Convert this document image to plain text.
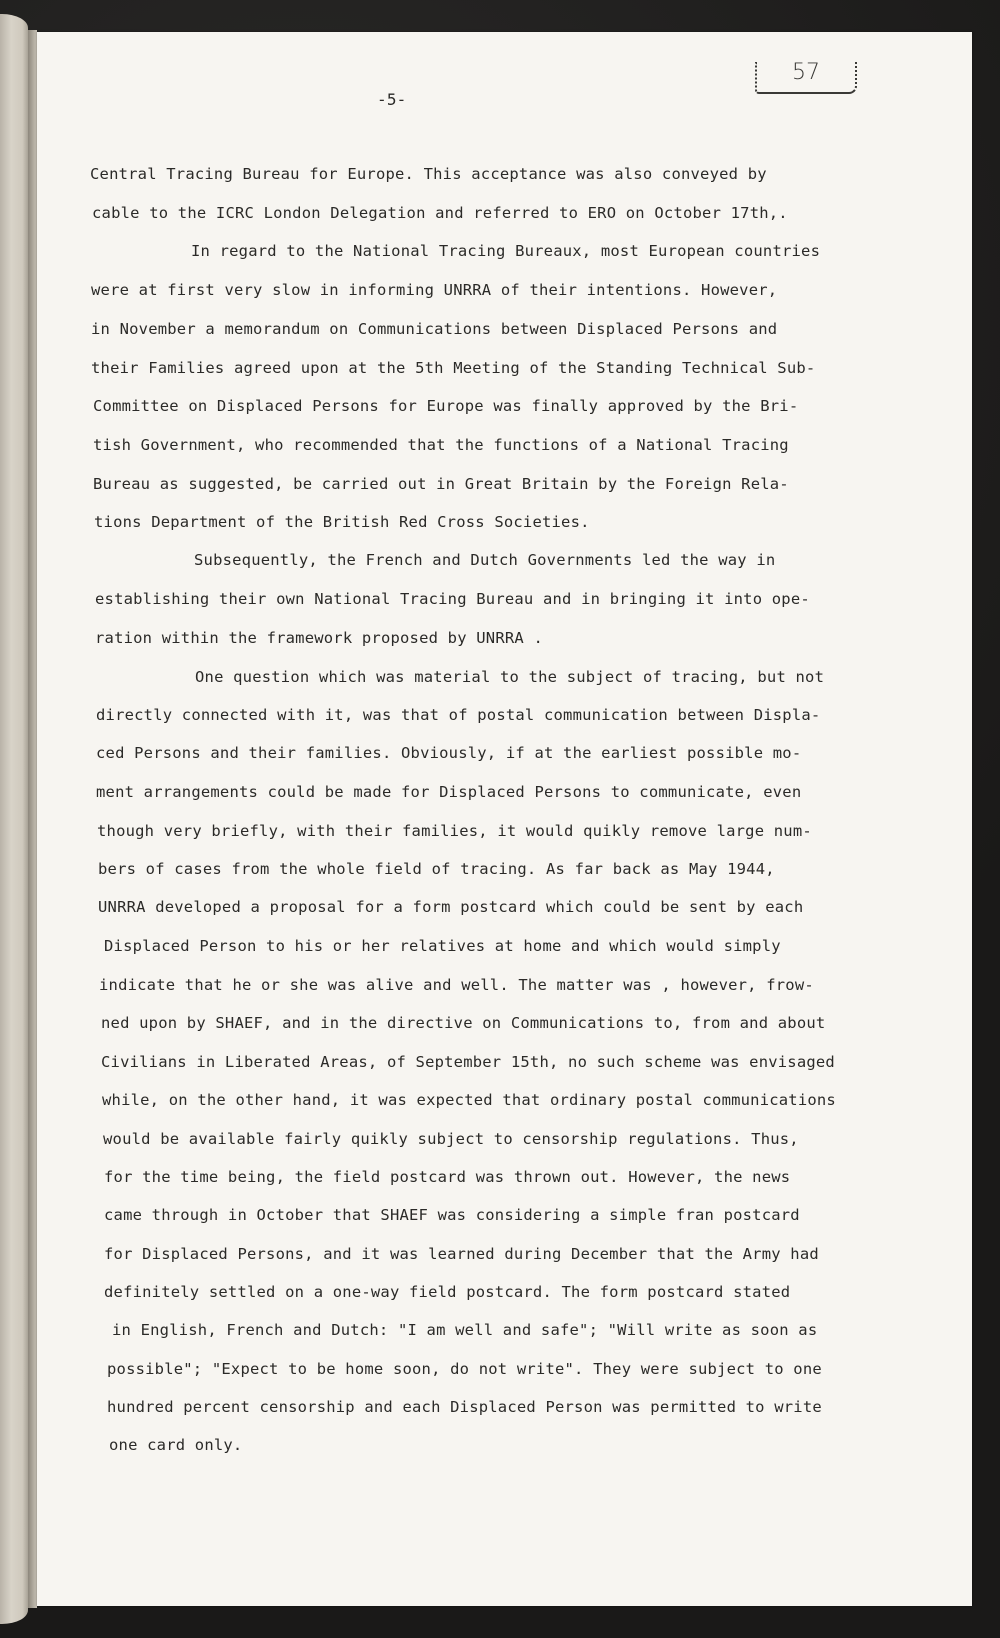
57
-5-
Central Tracing Bureau for Europe. This acceptance was also conveyed by
cable to the ICRC London Delegation and referred to ERO on October 17th,.
In regard to the National Tracing Bureaux, most European countries
were at first very slow in informing UNRRA of their intentions. However,
in November a memorandum on Communications between Displaced Persons and
their Families agreed upon at the 5th Meeting of the Standing Technical Sub-
Committee on Displaced Persons for Europe was finally approved by the Bri-
tish Government, who recommended that the functions of a National Tracing
Bureau as suggested, be carried out in Great Britain by the Foreign Rela-
tions Department of the British Red Cross Societies.
Subsequently, the French and Dutch Governments led the way in
establishing their own National Tracing Bureau and in bringing it into ope-
ration within the framework proposed by UNRRA .
One question which was material to the subject of tracing, but not
directly connected with it, was that of postal communication between Displa-
ced Persons and their families. Obviously, if at the earliest possible mo-
ment arrangements could be made for Displaced Persons to communicate, even
though very briefly, with their families, it would quikly remove large num-
bers of cases from the whole field of tracing. As far back as May 1944,
UNRRA developed a proposal for a form postcard which could be sent by each
Displaced Person to his or her relatives at home and which would simply
indicate that he or she was alive and well. The matter was , however, frow-
ned upon by SHAEF, and in the directive on Communications to, from and about
Civilians in Liberated Areas, of September 15th, no such scheme was envisaged
while, on the other hand, it was expected that ordinary postal communications
would be available fairly quikly subject to censorship regulations. Thus,
for the time being, the field postcard was thrown out. However, the news
came through in October that SHAEF was considering a simple fran postcard
for Displaced Persons, and it was learned during December that the Army had
definitely settled on a one-way field postcard. The form postcard stated
in English, French and Dutch: "I am well and safe"; "Will write as soon as
possible"; "Expect to be home soon, do not write". They were subject to one
hundred percent censorship and each Displaced Person was permitted to write
one card only.
